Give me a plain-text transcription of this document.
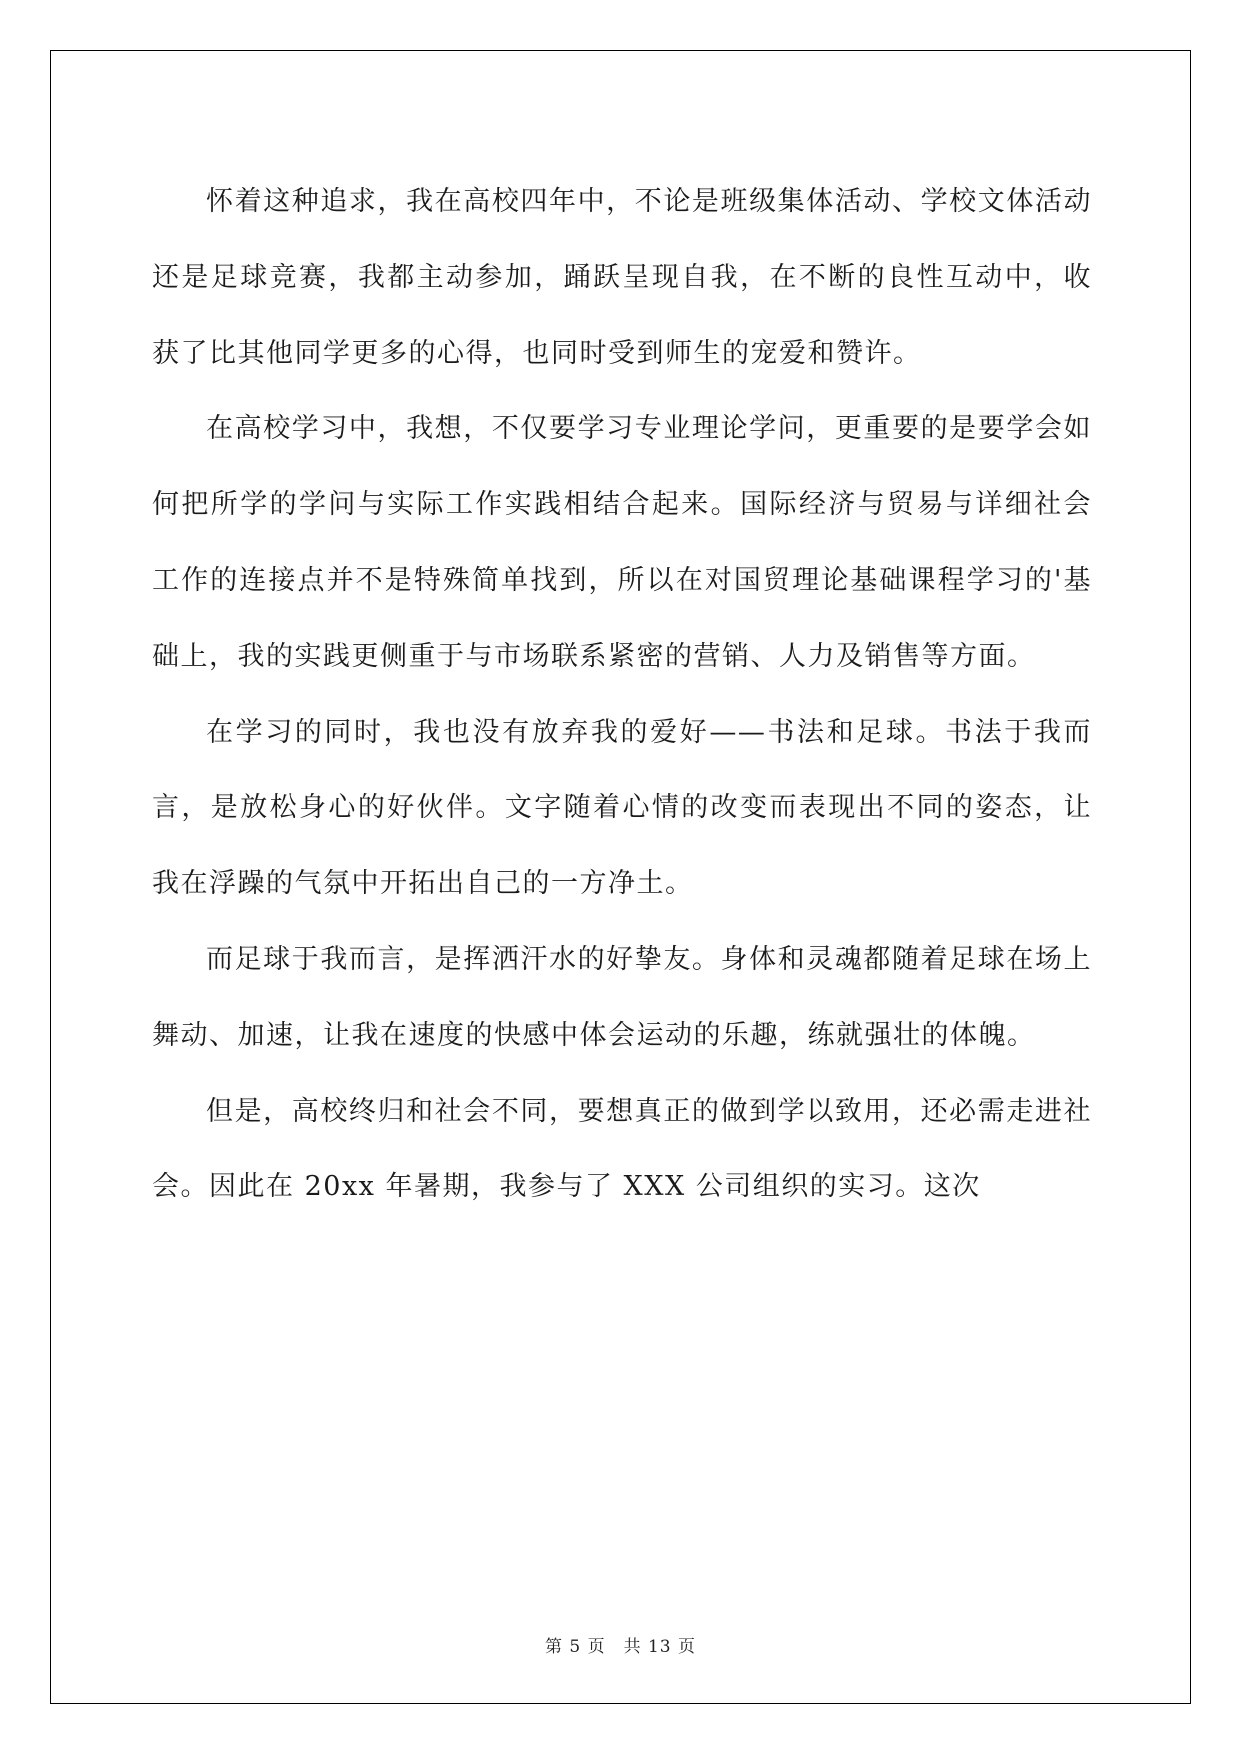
怀着这种追求，我在高校四年中，不论是班级集体活动、学校文体活动还是足球竞赛，我都主动参加，踊跃呈现自我，在不断的良性互动中，收获了比其他同学更多的心得，也同时受到师生的宠爱和赞许。

在高校学习中，我想，不仅要学习专业理论学问，更重要的是要学会如何把所学的学问与实际工作实践相结合起来。国际经济与贸易与详细社会工作的连接点并不是特殊简单找到，所以在对国贸理论基础课程学习的'基础上，我的实践更侧重于与市场联系紧密的营销、人力及销售等方面。

在学习的同时，我也没有放弃我的爱好——书法和足球。书法于我而言，是放松身心的好伙伴。文字随着心情的改变而表现出不同的姿态，让我在浮躁的气氛中开拓出自己的一方净土。

而足球于我而言，是挥洒汗水的好挚友。身体和灵魂都随着足球在场上舞动、加速，让我在速度的快感中体会运动的乐趣，练就强壮的体魄。

但是，高校终归和社会不同，要想真正的做到学以致用，还必需走进社会。因此在 20xx 年暑期，我参与了 XXX 公司组织的实习。这次

第 5 页 共 13 页
